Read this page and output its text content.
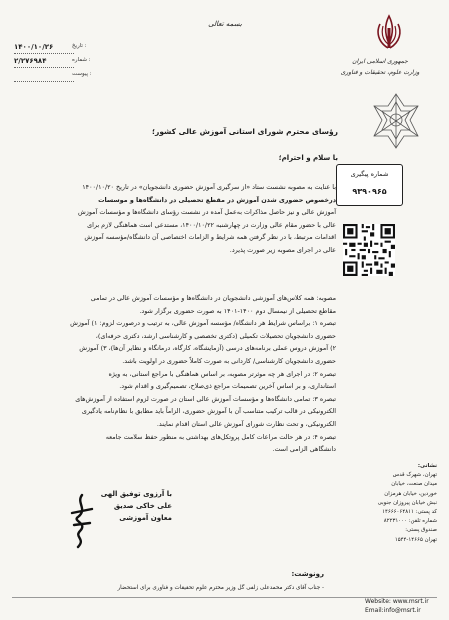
جمهوری اسلامی ایران
وزارت علوم، تحقیقات و فناوری
بسمه تعالی
۱۴۰۰/۱۰/۲۶	تاریخ :
۲/۲۷۶۹۸۴	شماره :
پیوست :
رؤسای محترم شورای استانی آموزش عالی کشور؛
با سلام و احترام؛
شماره پیگیری
۹۳۹۰۹۶۵
با عنایت به مصوبه نشست ستاد «از سرگیری آموزش حضوری دانشجویان» در تاریخ ۱۴۰۰/۱۰/۲۰
درخصوص حضوری شدن آموزش در مقطع تحصیلی در دانشگاه‌ها و موسسات
آموزش عالی و نیز حاصل مذاکرات به‌عمل آمده در نشست رؤسای دانشگاه‌ها و مؤسسات آموزش
عالی با حضور مقام عالی وزارت در چهارشنبه ۱۴۰۰/۱۰/۲۲، مستدعی است هماهنگی لازم برای
اقدامات مرتبط، با در نظر گرفتن همه شرایط و الزامات اختصاصی آن دانشگاه/مؤسسه آموزش
عالی در اجرای مصوبه زیر صورت پذیرد.
مصوبه: همه کلاس‌های آموزشی دانشجویان در دانشگاه‌ها و مؤسسات آموزش عالی در تمامی
مقاطع تحصیلی از نیمسال دوم ۱۴۰۰-۱۴۰۱ به صورت حضوری برگزار شود.
تبصره ۱: براساس شرایط هر دانشگاه/ مؤسسه آموزش عالی، به ترتیب و درصورت لزوم: ۱) آموزش
حضوری دانشجویان تحصیلات تکمیلی (دکتری تخصصی و کارشناسی ارشد، دکتری حرفه‌ای)،
۲) آموزش دروس عملی برنامه‌های درسی (آزمایشگاه، کارگاه، درمانگاه و نظایر آن‌ها)، ۳) آموزش
حضوری دانشجویان کارشناسی/ کاردانی به صورت کاملاً حضوری در اولویت باشد.
تبصره ۲: در اجرای هر چه موثرتر مصوبه، بر اساس هماهنگی با مراجع استانی، به ویژه
استانداری، و بر اساس آخرین تصمیمات مراجع ذی‌صلاح، تصمیم‌گیری و اقدام شود.
تبصره ۳: تمامی دانشگاه‌ها و مؤسسات آموزش عالی استان در صورت لزوم استفاده از آموزش‌های
الکترونیکی در قالب ترکیب متناسب آن با آموزش حضوری، الزاماً باید مطابق با نظام‌نامه یادگیری
الکترونیکی، و تحت نظارت شورای آموزش عالی استان اقدام نمایند.
تبصره ۴: در هر حالت مراعات کامل پروتکل‌های بهداشتی به منظور حفظ سلامت جامعه
دانشگاهی الزامی است.
با آرزوی توفیق الهی
علی خاکی صدیق
معاون آموزشی
رونوشت:
- جناب آقای دکتر محمدعلی زلفی گل وزیر محترم علوم تحقیقات و فناوری برای استحضار
نشانی:
تهران، شهرک قدس
میدان صنعت، خیابان
خوردین، خیابان هرمزان
نبش خیابان پیروزان جنوبی
کد پستی: ۱۴۶۶۶۰۶۴۸۱۱
شماره تلفن: ۸۲۲۳۱۰۰۰
صندوق پستی:
تهران ۱۴۶۶۵-۱۵۴۴
Website: www.msrt.ir
Email:info@msrt.ir
